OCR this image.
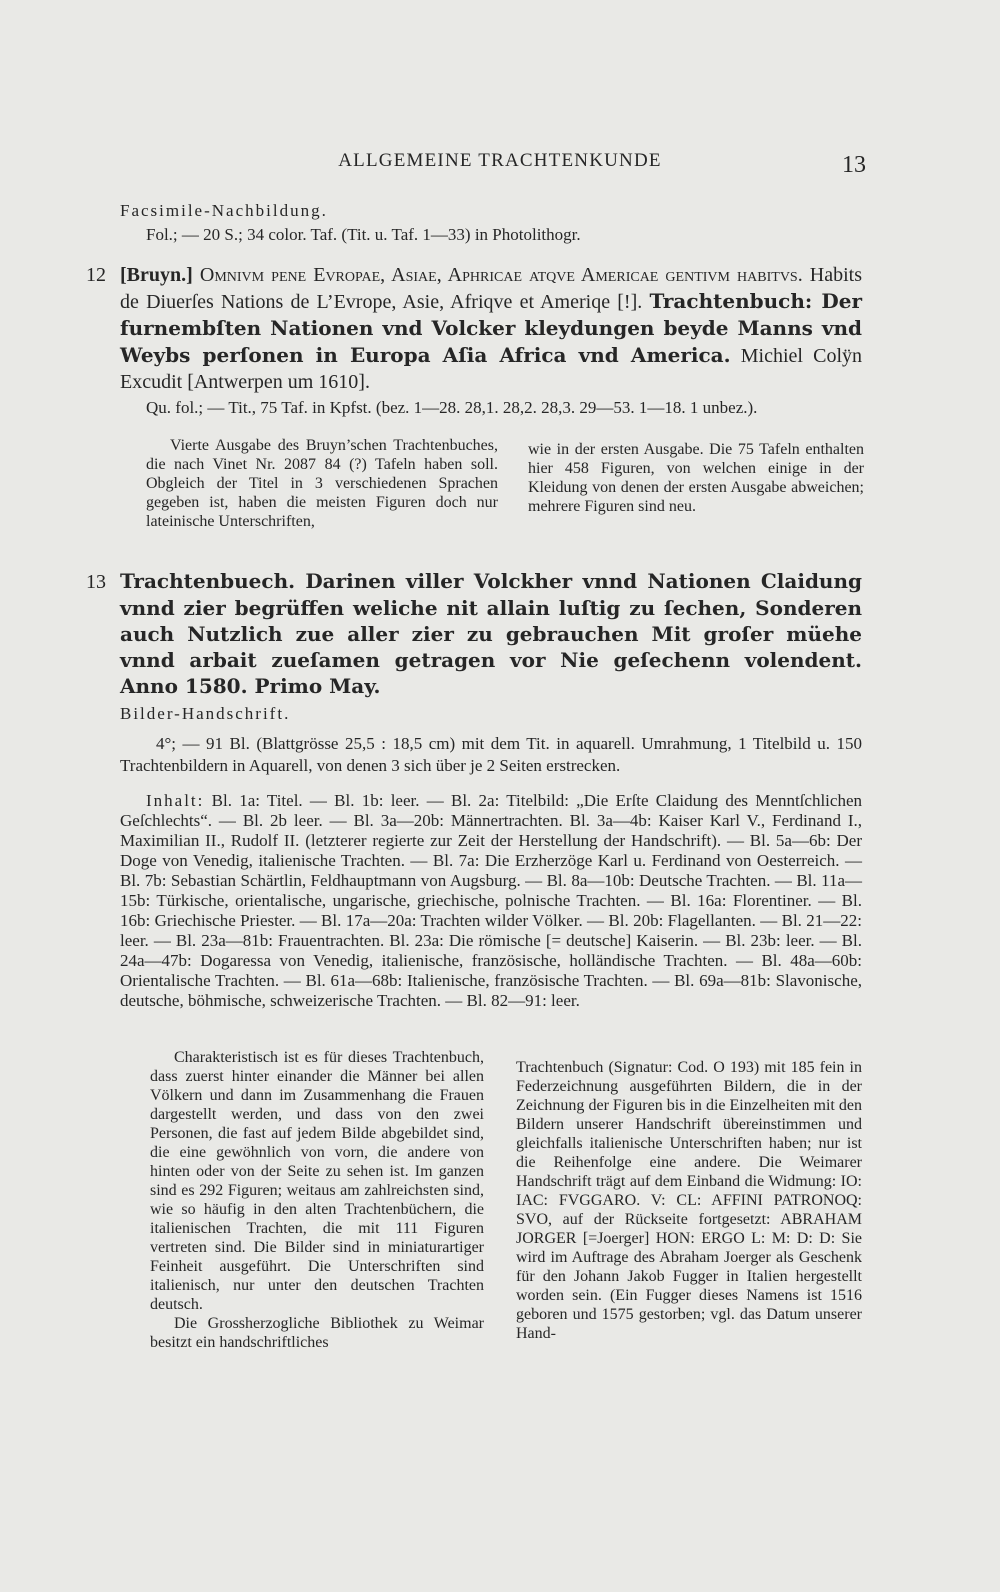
ALLGEMEINE TRACHTENKUNDE	13
Facsimile-Nachbildung.
Fol.; — 20 S.; 34 color. Taf. (Tit. u. Taf. 1—33) in Photolithogr.
12 [Bruyn.] Omnivm pene Evropae, Asiae, Aphricae atqve Americae gentivm habitvs. Habits de Diuerſes Nations de L’Evrope, Asie, Afriqve et Ameriqe [!]. Trachtenbuch: Der furnembſten Nationen vnd Volcker kleydungen beyde Manns vnd Weybs perſonen in Europa Aſia Africa vnd America. Michiel Colÿn Excudit [Antwerpen um 1610].
Qu. fol.; — Tit., 75 Taf. in Kpfst. (bez. 1—28. 28,1. 28,2. 28,3. 29—53. 1—18. 1 unbez.).
Vierte Ausgabe des Bruyn’schen Trachtenbuches, die nach Vinet Nr. 2087 84 (?) Tafeln haben soll. Obgleich der Titel in 3 verschiedenen Sprachen gegeben ist, haben die meisten Figuren doch nur lateinische Unterschriften,
wie in der ersten Ausgabe. Die 75 Tafeln enthalten hier 458 Figuren, von welchen einige in der Kleidung von denen der ersten Ausgabe abweichen; mehrere Figuren sind neu.
13 Trachtenbuech. Darinen viller Volckher vnnd Nationen Claidung vnnd zier begrüffen weliche nit allain luſtig zu ſechen, Sonderen auch Nutzlich zue aller zier zu gebrauchen Mit groſer müehe vnnd arbait zueſamen getragen vor Nie geſechenn volendent. Anno 1580. Primo May.
Bilder-Handschrift.
4°; — 91 Bl. (Blattgrösse 25,5 : 18,5 cm) mit dem Tit. in aquarell. Umrahmung, 1 Titelbild u. 150 Trachtenbildern in Aquarell, von denen 3 sich über je 2 Seiten erstrecken.
Inhalt: Bl. 1a: Titel. — Bl. 1b: leer. — Bl. 2a: Titelbild: „Die Erſte Claidung des Menntſchlichen Geſchlechts“. — Bl. 2b leer. — Bl. 3a—20b: Männertrachten. Bl. 3a—4b: Kaiser Karl V., Ferdinand I., Maximilian II., Rudolf II. (letzterer regierte zur Zeit der Herstellung der Handschrift). — Bl. 5a—6b: Der Doge von Venedig, italienische Trachten. — Bl. 7a: Die Erzherzöge Karl u. Ferdinand von Oesterreich. — Bl. 7b: Sebastian Schärtlin, Feldhauptmann von Augsburg. — Bl. 8a—10b: Deutsche Trachten. — Bl. 11a—15b: Türkische, orientalische, ungarische, griechische, polnische Trachten. — Bl. 16a: Florentiner. — Bl. 16b: Griechische Priester. — Bl. 17a—20a: Trachten wilder Völker. — Bl. 20b: Flagellanten. — Bl. 21—22: leer. — Bl. 23a—81b: Frauentrachten. Bl. 23a: Die römische [= deutsche] Kaiserin. — Bl. 23b: leer. — Bl. 24a—47b: Dogaressa von Venedig, italienische, französische, holländische Trachten. — Bl. 48a—60b: Orientalische Trachten. — Bl. 61a—68b: Italienische, französische Trachten. — Bl. 69a—81b: Slavonische, deutsche, böhmische, schweizerische Trachten. — Bl. 82—91: leer.

Charakteristisch ist es für dieses Trachtenbuch, dass zuerst hinter einander die Männer bei allen Völkern und dann im Zusammenhang die Frauen dargestellt werden, und dass von den zwei Personen, die fast auf jedem Bilde abgebildet sind, die eine gewöhnlich von vorn, die andere von hinten oder von der Seite zu sehen ist. Im ganzen sind es 292 Figuren; weitaus am zahlreichsten sind, wie so häufig in den alten Trachtenbüchern, die italienischen Trachten, die mit 111 Figuren vertreten sind. Die Bilder sind in miniaturartiger Feinheit ausgeführt. Die Unterschriften sind italienisch, nur unter den deutschen Trachten deutsch.

Die Grossherzogliche Bibliothek zu Weimar besitzt ein handschriftliches

Trachtenbuch (Signatur: Cod. O 193) mit 185 fein in Federzeichnung ausgeführten Bildern, die in der Zeichnung der Figuren bis in die Einzelheiten mit den Bildern unserer Handschrift übereinstimmen und gleichfalls italienische Unterschriften haben; nur ist die Reihenfolge eine andere. Die Weimarer Handschrift trägt auf dem Einband die Widmung: IO: IAC: FVGGARO. V: CL: AFFINI PATRONOQ: SVO, auf der Rückseite fortgesetzt: ABRAHAM JORGER [=Joerger] HON: ERGO L: M: D: D: Sie wird im Auftrage des Abraham Joerger als Geschenk für den Johann Jakob Fugger in Italien hergestellt worden sein. (Ein Fugger dieses Namens ist 1516 geboren und 1575 gestorben; vgl. das Datum unserer Hand-
